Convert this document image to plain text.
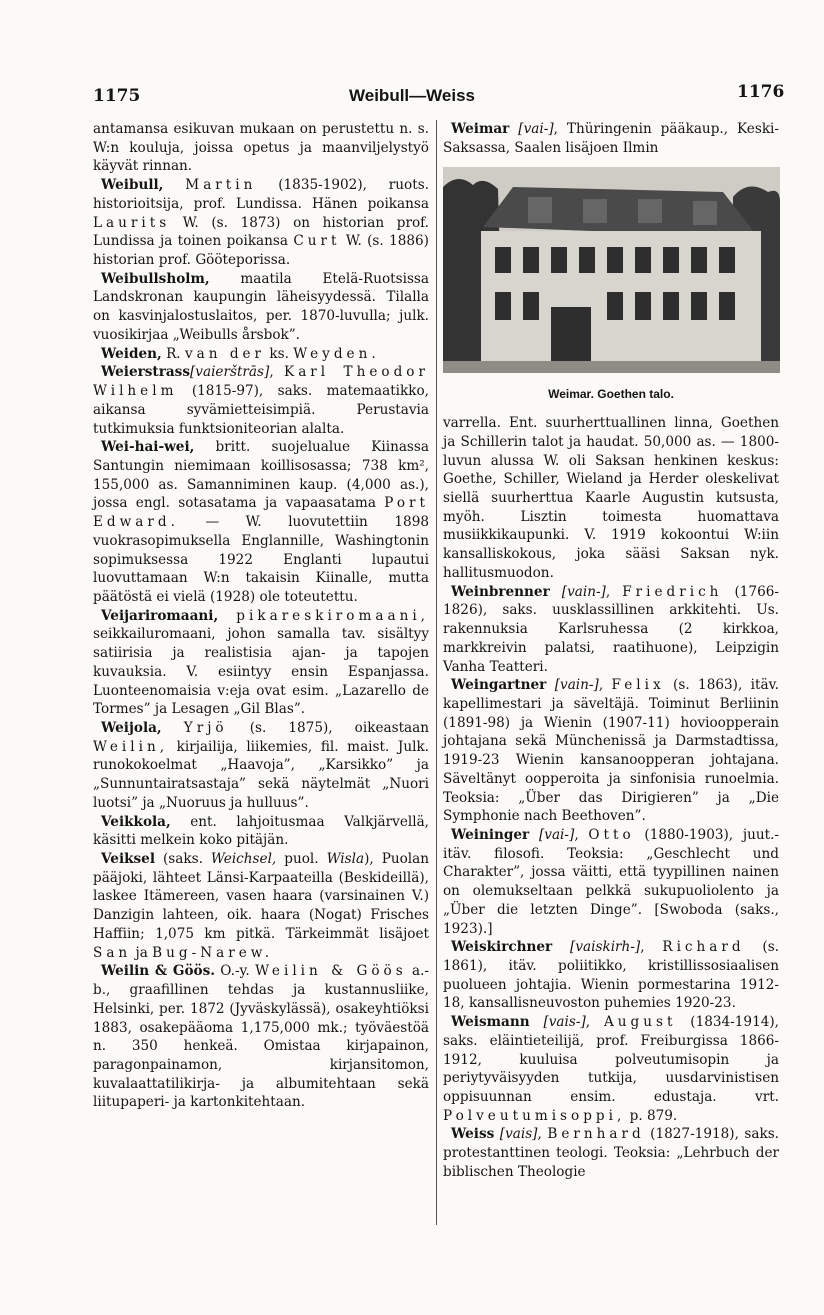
1175	Weibull—Weiss	1176

antamansa esikuvan mukaan on perustettu n. s. W:n kouluja, joissa opetus ja maanviljelystyö käyvät rinnan.

Weibull, Martin (1835-1902), ruots. historioitsija, prof. Lundissa. Hänen poikansa Laurits W. (s. 1873) on historian prof. Lundissa ja toinen poikansa Curt W. (s. 1886) historian prof. Gööteporissa.

Weibullsholm, maatila Etelä-Ruotsissa Landskronan kaupungin läheisyydessä. Tilalla on kasvinjalostuslaitos, per. 1870-luvulla; julk. vuosikirjaa „Weibulls årsbok”.

Weiden, R. van der ks. Weyden.

Weierstrass[vaierštrās], Karl Theodor Wilhelm (1815-97), saks. matemaatikko, aikansa syvämietteisimpiä. Perustavia tutkimuksia funktsioniteorian alalta.

Wei-hai-wei, britt. suojelualue Kiinassa Santungin niemimaan koillisosassa; 738 km², 155,000 as. Samanniminen kaup. (4,000 as.), jossa engl. sotasatama ja vapaasatama Port Edward. — W. luovutettiin 1898 vuokrasopimuksella Englannille, Washingtonin sopimuksessa 1922 Englanti lupautui luovuttamaan W:n takaisin Kiinalle, mutta päätöstä ei vielä (1928) ole toteutettu.

Veijariromaani, pikareskiromaani, seikkailuromaani, johon samalla tav. sisältyy satiirisia ja realistisia ajan- ja tapojen kuvauksia. V. esiintyy ensin Espanjassa. Luonteenomaisia v:eja ovat esim. „Lazarello de Tormes” ja Lesagen „Gil Blas”.

Weijola, Yrjö (s. 1875), oikeastaan Weilin, kirjailija, liikemies, fil. maist. Julk. runokokoelmat „Haavoja”, „Karsikko” ja „Sunnuntairatsastaja” sekä näytelmät „Nuori luotsi” ja „Nuoruus ja hulluus”.

Veikkola, ent. lahjoitusmaa Valkjärvellä, käsitti melkein koko pitäjän.

Veiksel (saks. Weichsel, puol. Wisla), Puolan pääjoki, lähteet Länsi-Karpaateilla (Beskideillä), laskee Itämereen, vasen haara (varsinainen V.) Danzigin lahteen, oik. haara (Nogat) Frisches Haffiin; 1,075 km pitkä. Tärkeimmät lisäjoet San ja Bug-Narew.

Weilin & Göös. O.-y. Weilin & Göös a.-b., graafillinen tehdas ja kustannusliike, Helsinki, per. 1872 (Jyväskylässä), osakeyhtiöksi 1883, osakepääoma 1,175,000 mk.; työväestöä n. 350 henkeä. Omistaa kirjapainon, paragonpainamon, kirjansitomon, kuvalaattatilikirja- ja albumitehtaan sekä liitupaperi- ja kartonkitehtaan.

Weimar [vai-], Thüringenin pääkaup., Keski-Saksassa, Saalen lisäjoen Ilmin

Weimar. Goethen talo.

varrella. Ent. suurherttuallinen linna, Goethen ja Schillerin talot ja haudat. 50,000 as. — 1800-luvun alussa W. oli Saksan henkinen keskus: Goethe, Schiller, Wieland ja Herder oleskelivat siellä suurherttua Kaarle Augustin kutsusta, myöh. Lisztin toimesta huomattava musiikkikaupunki. V. 1919 kokoontui W:iin kansalliskokous, joka sääsi Saksan nyk. hallitusmuodon.

Weinbrenner [vain-], Friedrich (1766-1826), saks. uusklassillinen arkkitehti. Us. rakennuksia Karlsruhessa (2 kirkkoa, markkreivin palatsi, raatihuone), Leipzigin Vanha Teatteri.

Weingartner [vain-], Felix (s. 1863), itäv. kapellimestari ja säveltäjä. Toiminut Berliinin (1891-98) ja Wienin (1907-11) hovioopperain johtajana sekä Münchenissä ja Darmstadtissa, 1919-23 Wienin kansanoopperan johtajana. Säveltänyt oopperoita ja sinfonisia runoelmia. Teoksia: „Über das Dirigieren” ja „Die Symphonie nach Beethoven”.

Weininger [vai-], Otto (1880-1903), juut.-itäv. filosofi. Teoksia: „Geschlecht und Charakter”, jossa väitti, että tyypillinen nainen on olemukseltaan pelkkä sukupuoliolento ja „Über die letzten Dinge”. [Swoboda (saks., 1923).]

Weiskirchner [vaiskirh-], Richard (s. 1861), itäv. poliitikko, kristillissosiaalisen puolueen johtajia. Wienin pormestarina 1912-18, kansallisneuvoston puhemies 1920-23.

Weismann [vais-], August (1834-1914), saks. eläintieteilijä, prof. Freiburgissa 1866-1912, kuuluisa polveutumisopin ja periytyväisyyden tutkija, uusdarvinistisen oppisuunnan ensim. edustaja. vrt. Polveutumisoppi, p. 879.

Weiss [vais], Bernhard (1827-1918), saks. protestanttinen teologi. Teoksia: „Lehrbuch der biblischen Theologie
